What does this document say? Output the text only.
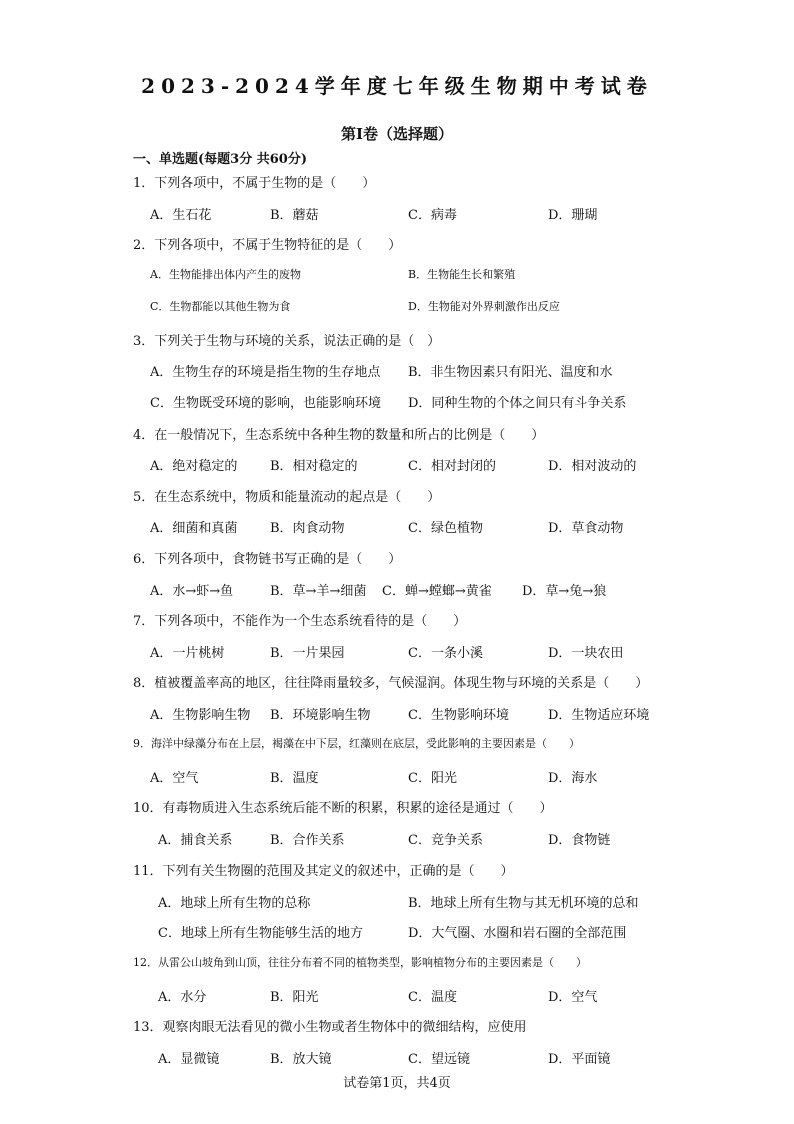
2023-2024学年度七年级生物期中考试卷
第I卷（选择题）
一、单选题(每题3分 共60分)
1．下列各项中，不属于生物的是（　　）
A．生石花	B．蘑菇	C．病毒	D．珊瑚
2．下列各项中，不属于生物特征的是（　　）
A．生物能排出体内产生的废物	B．生物能生长和繁殖
C．生物都能以其他生物为食	D．生物能对外界刺激作出反应
3．下列关于生物与环境的关系，说法正确的是（　）
A．生物生存的环境是指生物的生存地点 B．非生物因素只有阳光、温度和水
C．生物既受环境的影响，也能影响环境 D．同种生物的个体之间只有斗争关系
4．在一般情况下，生态系统中各种生物的数量和所占的比例是（　　）
A．绝对稳定的	B．相对稳定的	C．相对封闭的	D．相对波动的
5．在生态系统中，物质和能量流动的起点是（　　）
A．细菌和真菌	B．肉食动物	C．绿色植物	D．草食动物
6．下列各项中，食物链书写正确的是（　　）
A．水→虾→鱼	B．草→羊→细菌 C．蝉→螳螂→黄雀 D．草→兔→狼
7．下列各项中，不能作为一个生态系统看待的是（　　）
A．一片桃树	B．一片果园	C．一条小溪	D．一块农田
8．植被覆盖率高的地区，往往降雨量较多，气候湿润。体现生物与环境的关系是（　　）
A．生物影响生物 B．环境影响生物	C．生物影响环境	D．生物适应环境
9．海洋中绿藻分布在上层，褐藻在中下层，红藻则在底层，受此影响的主要因素是（　　）
A．空气	B．温度	C．阳光	D．海水
10．有毒物质进入生态系统后能不断的积累，积累的途径是通过（　　）
A．捕食关系	B．合作关系	C．竞争关系	D．食物链
11．下列有关生物圈的范围及其定义的叙述中，正确的是（　　）
A．地球上所有生物的总称	B．地球上所有生物与其无机环境的总和
C．地球上所有生物能够生活的地方	D．大气圈、水圈和岩石圈的全部范围
12．从雷公山坡角到山顶，往往分布着不同的植物类型，影响植物分布的主要因素是（　　）
A．水分	B．阳光	C．温度	D．空气
13．观察肉眼无法看见的微小生物或者生物体中的微细结构，应使用
A．显微镜	B．放大镜	C．望远镜	D．平面镜
试卷第1页，共4页
